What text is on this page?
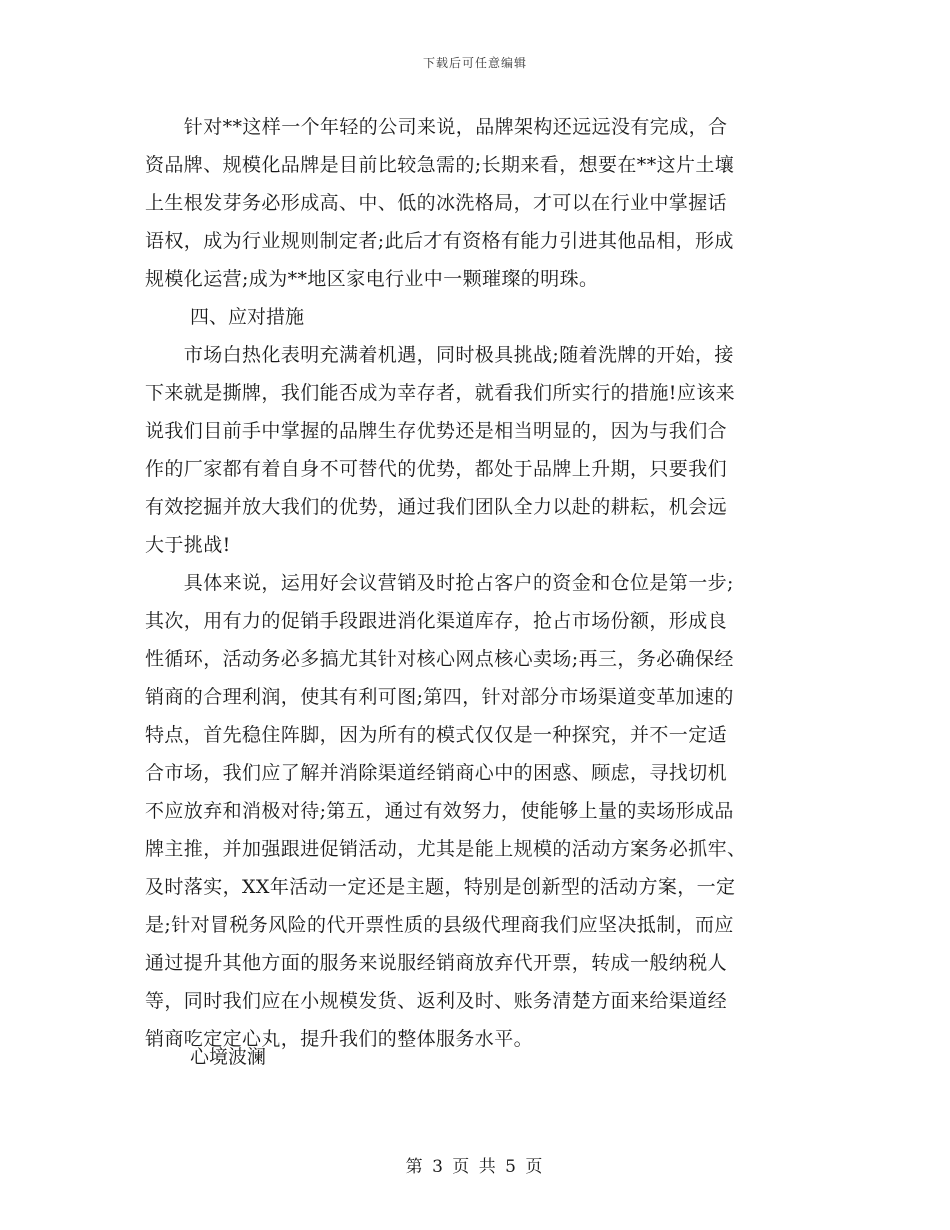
下载后可任意编辑
　　针对**这样一个年轻的公司来说，品牌架构还远远没有完成，合
资品牌、规模化品牌是目前比较急需的;长期来看，想要在**这片土壤
上生根发芽务必形成高、中、低的冰洗格局，才可以在行业中掌握话
语权，成为行业规则制定者;此后才有资格有能力引进其他品相，形成
规模化运营;成为**地区家电行业中一颗璀璨的明珠。
四、应对措施
　　市场白热化表明充满着机遇，同时极具挑战;随着洗牌的开始，接
下来就是撕牌，我们能否成为幸存者，就看我们所实行的措施!应该来
说我们目前手中掌握的品牌生存优势还是相当明显的，因为与我们合
作的厂家都有着自身不可替代的优势，都处于品牌上升期，只要我们
有效挖掘并放大我们的优势，通过我们团队全力以赴的耕耘，机会远
大于挑战!
　　具体来说，运用好会议营销及时抢占客户的资金和仓位是第一步;
其次，用有力的促销手段跟进消化渠道库存，抢占市场份额，形成良
性循环，活动务必多搞尤其针对核心网点核心卖场;再三，务必确保经
销商的合理利润，使其有利可图;第四，针对部分市场渠道变革加速的
特点，首先稳住阵脚，因为所有的模式仅仅是一种探究，并不一定适
合市场，我们应了解并消除渠道经销商心中的困惑、顾虑，寻找切机
不应放弃和消极对待;第五，通过有效努力，使能够上量的卖场形成品
牌主推，并加强跟进促销活动，尤其是能上规模的活动方案务必抓牢、
及时落实，XX年活动一定还是主题，特别是创新型的活动方案，一定
是;针对冒税务风险的代开票性质的县级代理商我们应坚决抵制，而应
通过提升其他方面的服务来说服经销商放弃代开票，转成一般纳税人
等，同时我们应在小规模发货、返利及时、账务清楚方面来给渠道经
销商吃定定心丸，提升我们的整体服务水平。
心境波澜
第 3 页 共 5 页
